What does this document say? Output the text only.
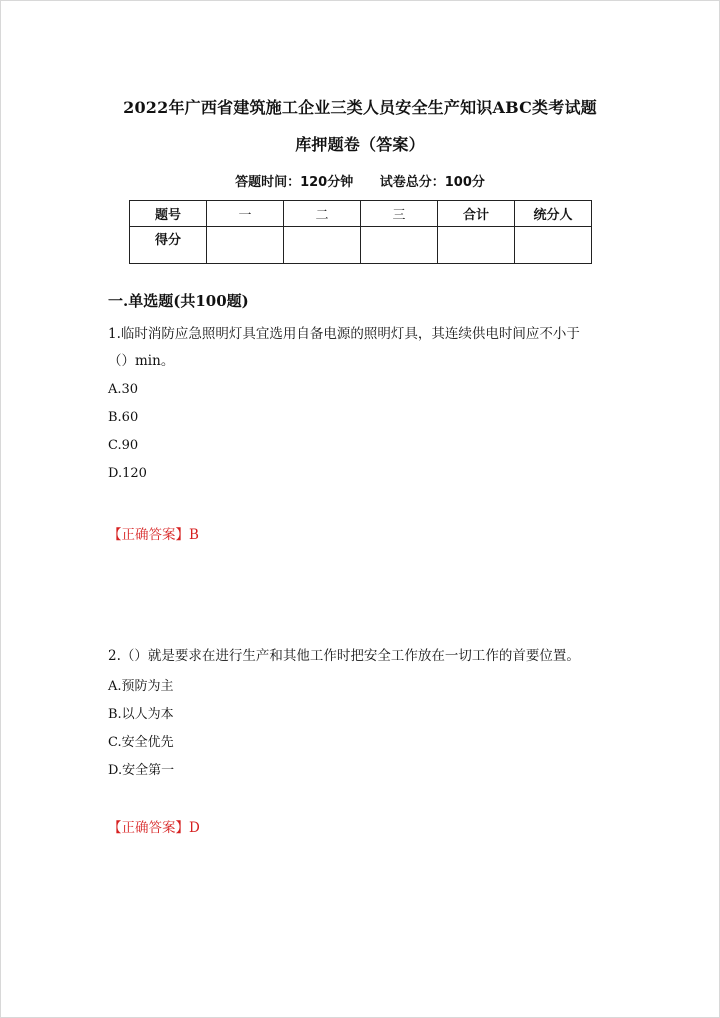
2022年广西省建筑施工企业三类人员安全生产知识ABC类考试题
库押题卷（答案）
答题时间：120分钟 试卷总分：100分
题号	一	二	三	合计	统分人
得分					
一.单选题(共100题)
1.临时消防应急照明灯具宜选用自备电源的照明灯具，其连续供电时间应不小于
（）min。
A.30
B.60
C.90
D.120
【正确答案】B
2.（）就是要求在进行生产和其他工作时把安全工作放在一切工作的首要位置。
A.预防为主
B.以人为本
C.安全优先
D.安全第一
【正确答案】D
